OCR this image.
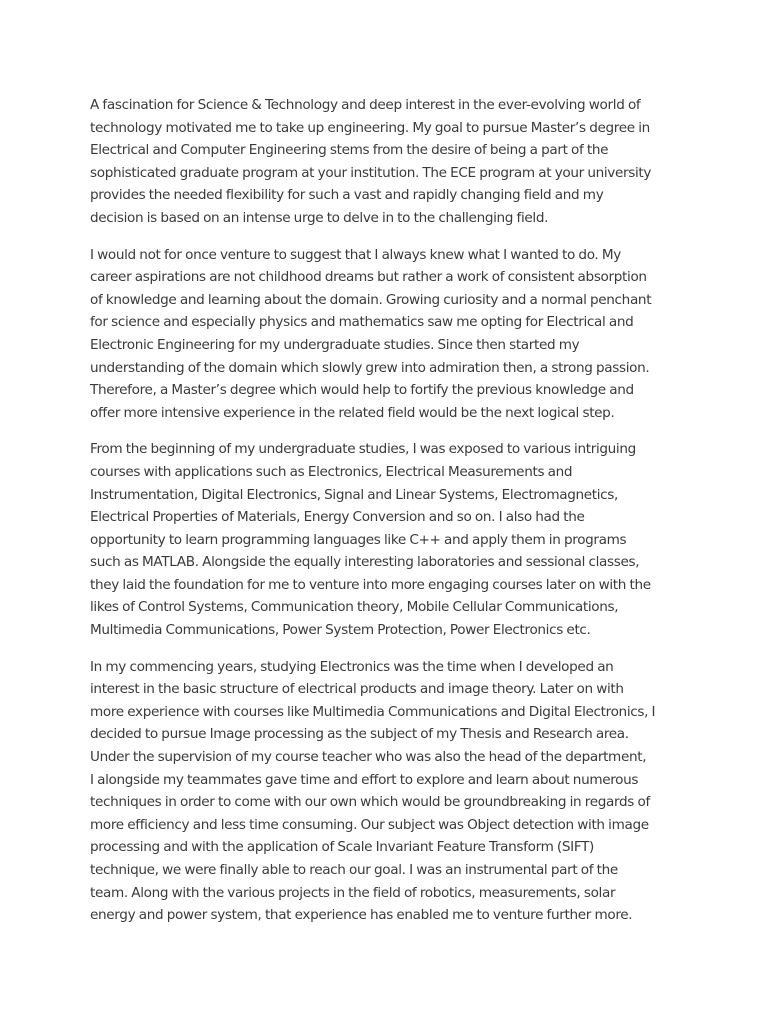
A fascination for Science & Technology and deep interest in the ever-evolving world of
technology motivated me to take up engineering. My goal to pursue Master’s degree in
Electrical and Computer Engineering stems from the desire of being a part of the
sophisticated graduate program at your institution. The ECE program at your university
provides the needed flexibility for such a vast and rapidly changing field and my
decision is based on an intense urge to delve in to the challenging field.

I would not for once venture to suggest that I always knew what I wanted to do. My
career aspirations are not childhood dreams but rather a work of consistent absorption
of knowledge and learning about the domain. Growing curiosity and a normal penchant
for science and especially physics and mathematics saw me opting for Electrical and
Electronic Engineering for my undergraduate studies. Since then started my
understanding of the domain which slowly grew into admiration then, a strong passion.
Therefore, a Master’s degree which would help to fortify the previous knowledge and
offer more intensive experience in the related field would be the next logical step.

From the beginning of my undergraduate studies, I was exposed to various intriguing
courses with applications such as Electronics, Electrical Measurements and
Instrumentation, Digital Electronics, Signal and Linear Systems, Electromagnetics,
Electrical Properties of Materials, Energy Conversion and so on. I also had the
opportunity to learn programming languages like C++ and apply them in programs
such as MATLAB. Alongside the equally interesting laboratories and sessional classes,
they laid the foundation for me to venture into more engaging courses later on with the
likes of Control Systems, Communication theory, Mobile Cellular Communications,
Multimedia Communications, Power System Protection, Power Electronics etc.

In my commencing years, studying Electronics was the time when I developed an
interest in the basic structure of electrical products and image theory. Later on with
more experience with courses like Multimedia Communications and Digital Electronics, I
decided to pursue Image processing as the subject of my Thesis and Research area.
Under the supervision of my course teacher who was also the head of the department,
I alongside my teammates gave time and effort to explore and learn about numerous
techniques in order to come with our own which would be groundbreaking in regards of
more efficiency and less time consuming. Our subject was Object detection with image
processing and with the application of Scale Invariant Feature Transform (SIFT)
technique, we were finally able to reach our goal. I was an instrumental part of the
team. Along with the various projects in the field of robotics, measurements, solar
energy and power system, that experience has enabled me to venture further more.
